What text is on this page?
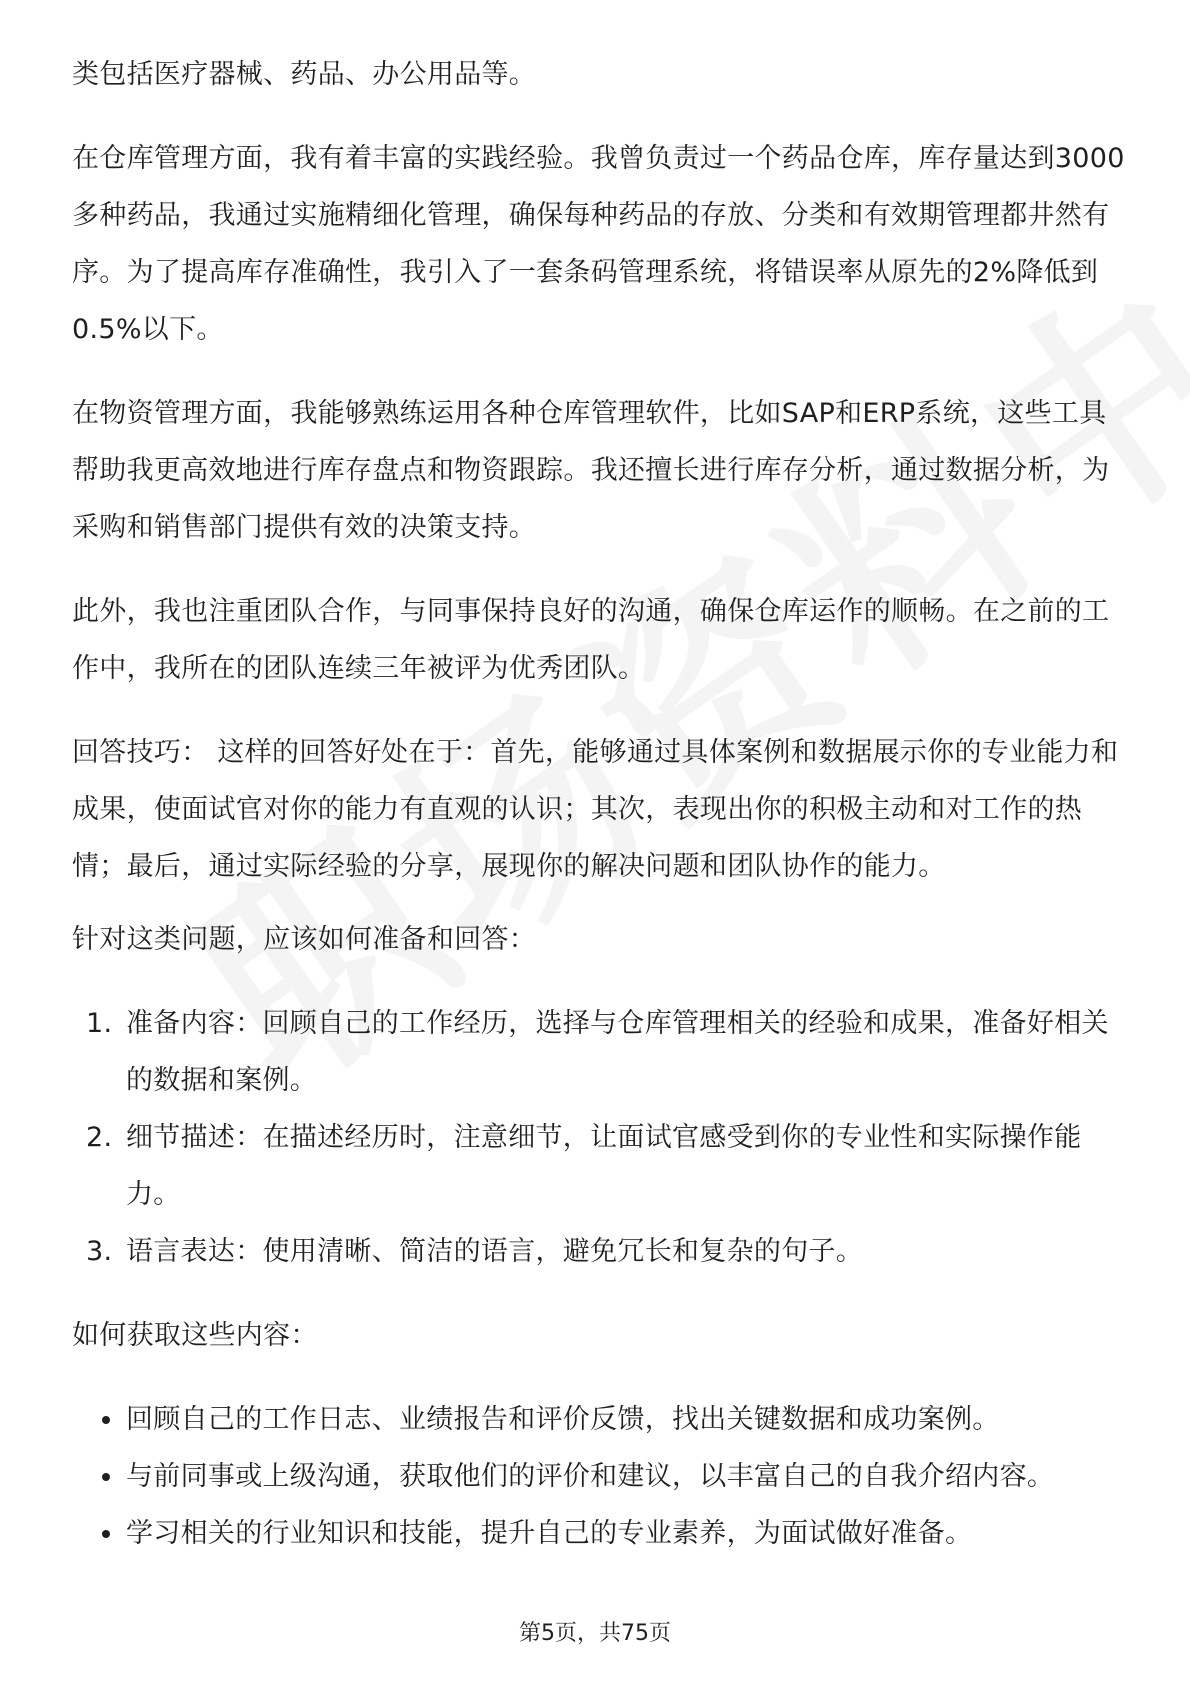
类包括医疗器械、药品、办公用品等。

在仓库管理方面，我有着丰富的实践经验。我曾负责过一个药品仓库，库存量达到3000多种药品，我通过实施精细化管理，确保每种药品的存放、分类和有效期管理都井然有序。为了提高库存准确性，我引入了一套条码管理系统，将错误率从原先的2%降低到0.5%以下。

在物资管理方面，我能够熟练运用各种仓库管理软件，比如SAP和ERP系统，这些工具帮助我更高效地进行库存盘点和物资跟踪。我还擅长进行库存分析，通过数据分析，为采购和销售部门提供有效的决策支持。

此外，我也注重团队合作，与同事保持良好的沟通，确保仓库运作的顺畅。在之前的工作中，我所在的团队连续三年被评为优秀团队。

回答技巧： 这样的回答好处在于：首先，能够通过具体案例和数据展示你的专业能力和成果，使面试官对你的能力有直观的认识；其次，表现出你的积极主动和对工作的热情；最后，通过实际经验的分享，展现你的解决问题和团队协作的能力。

针对这类问题，应该如何准备和回答：

1. 准备内容：回顾自己的工作经历，选择与仓库管理相关的经验和成果，准备好相关的数据和案例。
2. 细节描述：在描述经历时，注意细节，让面试官感受到你的专业性和实际操作能力。
3. 语言表达：使用清晰、简洁的语言，避免冗长和复杂的句子。

如何获取这些内容：

回顾自己的工作日志、业绩报告和评价反馈，找出关键数据和成功案例。
与前同事或上级沟通，获取他们的评价和建议，以丰富自己的自我介绍内容。
学习相关的行业知识和技能，提升自己的专业素养，为面试做好准备。
第5页，共75页
